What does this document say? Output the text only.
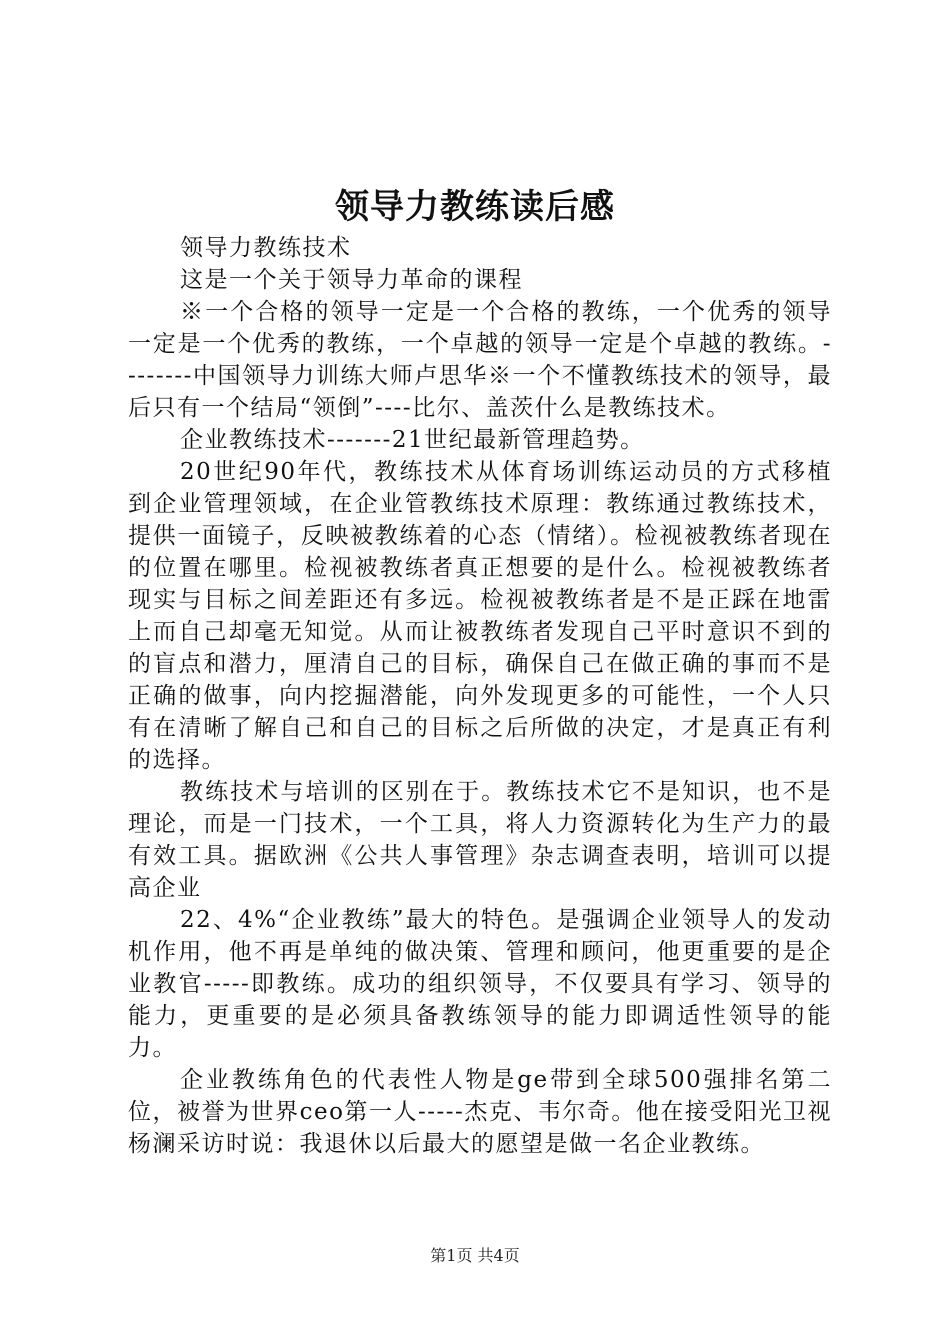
领导力教练读后感

领导力教练技术

这是一个关于领导力革命的课程

※一个合格的领导一定是一个合格的教练，一个优秀的领导一定是一个优秀的教练，一个卓越的领导一定是个卓越的教练。--------中国领导力训练大师卢思华※一个不懂教练技术的领导，最后只有一个结局“领倒”----比尔、盖茨什么是教练技术。

企业教练技术-------21世纪最新管理趋势。

20世纪90年代，教练技术从体育场训练运动员的方式移植到企业管理领域，在企业管教练技术原理：教练通过教练技术，提供一面镜子，反映被教练着的心态（情绪）。检视被教练者现在的位置在哪里。检视被教练者真正想要的是什么。检视被教练者现实与目标之间差距还有多远。检视被教练者是不是正踩在地雷上而自己却毫无知觉。从而让被教练者发现自己平时意识不到的的盲点和潜力，厘清自己的目标，确保自己在做正确的事而不是正确的做事，向内挖掘潜能，向外发现更多的可能性，一个人只有在清晰了解自己和自己的目标之后所做的决定，才是真正有利的选择。

教练技术与培训的区别在于。教练技术它不是知识，也不是理论，而是一门技术，一个工具，将人力资源转化为生产力的最有效工具。据欧洲《公共人事管理》杂志调查表明，培训可以提高企业

22、4%“企业教练”最大的特色。是强调企业领导人的发动机作用，他不再是单纯的做决策、管理和顾问，他更重要的是企业教官-----即教练。成功的组织领导，不仅要具有学习、领导的能力，更重要的是必须具备教练领导的能力即调适性领导的能力。

企业教练角色的代表性人物是ge带到全球500强排名第二位，被誉为世界ceo第一人-----杰克、韦尔奇。他在接受阳光卫视杨澜采访时说：我退休以后最大的愿望是做一名企业教练。

第1页 共4页
